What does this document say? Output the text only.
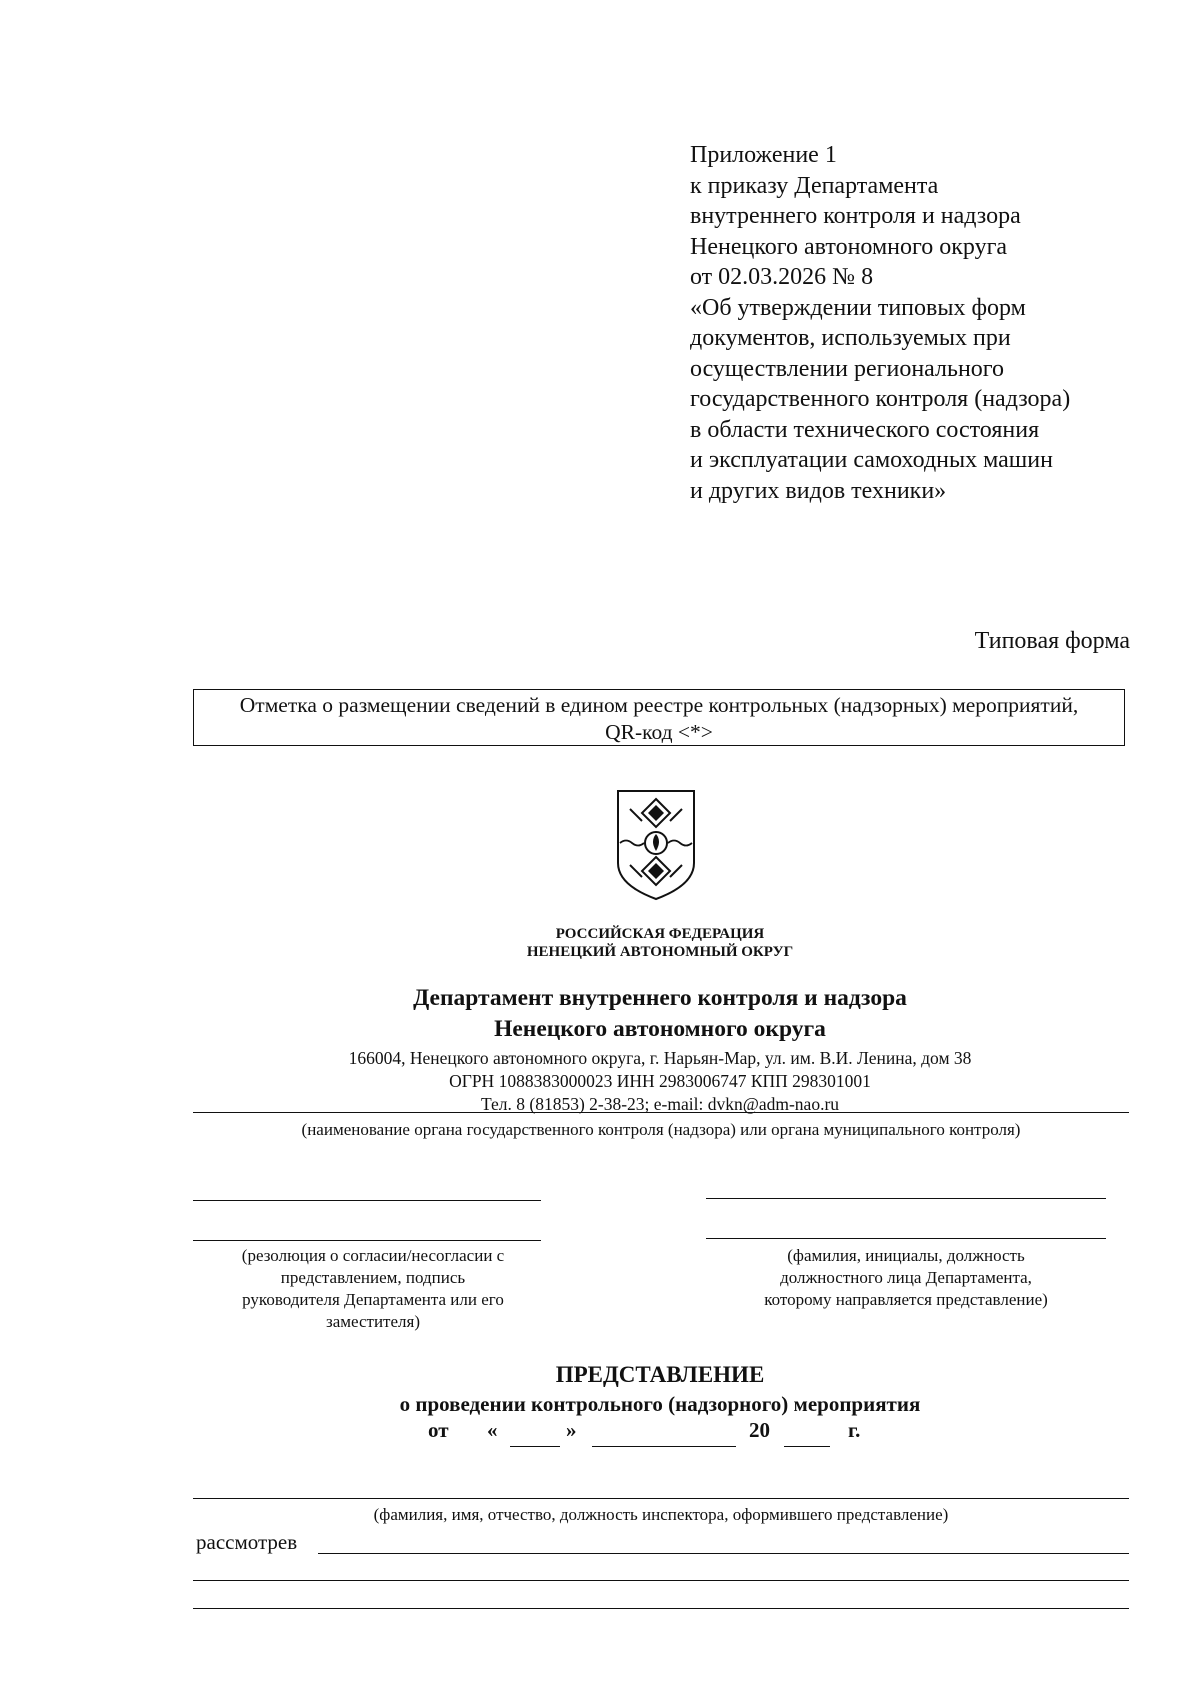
Приложение 1
к приказу Департамента
внутреннего контроля и надзора
Ненецкого автономного округа
от 02.03.2026 № 8
«Об утверждении типовых форм
документов, используемых при
осуществлении регионального
государственного контроля (надзора)
в области технического состояния
и эксплуатации самоходных машин
и других видов техники»
Типовая форма
Отметка о размещении сведений в едином реестре контрольных (надзорных) мероприятий,
QR-код <*>
РОССИЙСКАЯ ФЕДЕРАЦИЯ
НЕНЕЦКИЙ АВТОНОМНЫЙ ОКРУГ
Департамент внутреннего контроля и надзора
Ненецкого автономного округа
166004, Ненецкого автономного округа, г. Нарьян-Мар, ул. им. В.И. Ленина, дом 38
ОГРН 1088383000023 ИНН 2983006747 КПП 298301001
Тел. 8 (81853) 2-38-23; e-mail: dvkn@adm-nao.ru
(наименование органа государственного контроля (надзора) или органа муниципального контроля)
(резолюция о согласии/несогласии с
представлением, подпись
руководителя Департамента или его
заместителя)
(фамилия, инициалы, должность
должностного лица Департамента,
которому направляется представление)
ПРЕДСТАВЛЕНИЕ
о проведении контрольного (надзорного) мероприятия
от «	»	20	г.
(фамилия, имя, отчество, должность инспектора, оформившего представление)
рассмотрев
